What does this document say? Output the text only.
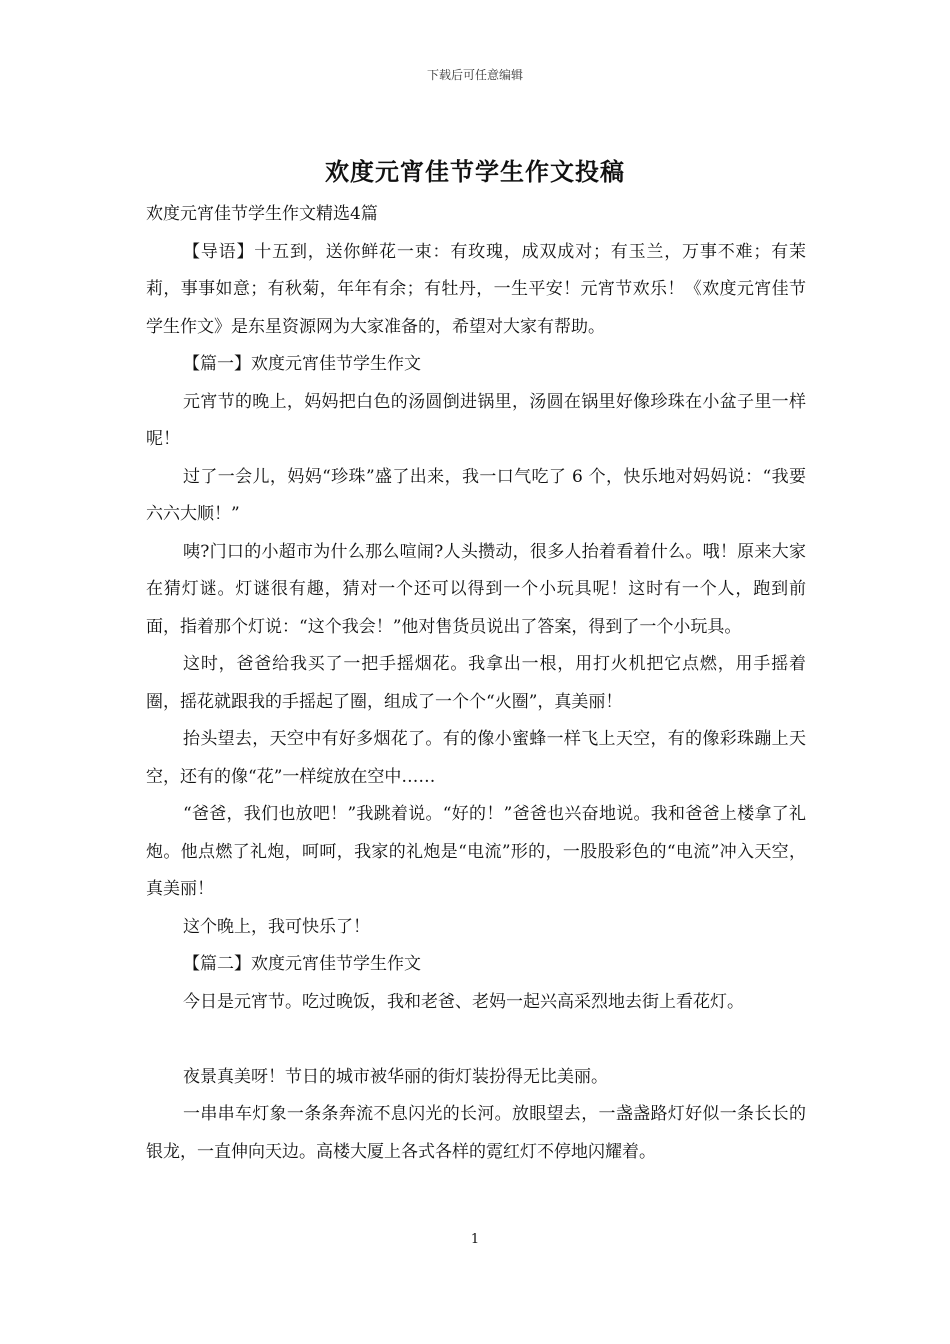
下载后可任意编辑
欢度元宵佳节学生作文投稿

欢度元宵佳节学生作文精选4篇

【导语】十五到，送你鲜花一束：有玫瑰，成双成对；有玉兰，万事不难；有茉莉，事事如意；有秋菊，年年有余；有牡丹，一生平安！元宵节欢乐！《欢度元宵佳节学生作文》是东星资源网为大家准备的，希望对大家有帮助。

【篇一】欢度元宵佳节学生作文

元宵节的晚上，妈妈把白色的汤圆倒进锅里，汤圆在锅里好像珍珠在小盆子里一样呢！

过了一会儿，妈妈“珍珠”盛了出来，我一口气吃了 6 个，快乐地对妈妈说：“我要六六大顺！”

咦?门口的小超市为什么那么喧闹?人头攒动，很多人抬着看着什么。哦！原来大家在猜灯谜。灯谜很有趣，猜对一个还可以得到一个小玩具呢！这时有一个人，跑到前面，指着那个灯说：“这个我会！”他对售货员说出了答案，得到了一个小玩具。

这时，爸爸给我买了一把手摇烟花。我拿出一根，用打火机把它点燃，用手摇着圈，摇花就跟我的手摇起了圈，组成了一个个“火圈”，真美丽！

抬头望去，天空中有好多烟花了。有的像小蜜蜂一样飞上天空，有的像彩珠蹦上天空，还有的像“花”一样绽放在空中……

“爸爸，我们也放吧！”我跳着说。“好的！”爸爸也兴奋地说。我和爸爸上楼拿了礼炮。他点燃了礼炮，呵呵，我家的礼炮是“电流”形的，一股股彩色的“电流”冲入天空，真美丽！

这个晚上，我可快乐了！

【篇二】欢度元宵佳节学生作文

今日是元宵节。吃过晚饭，我和老爸、老妈一起兴高采烈地去街上看花灯。

夜景真美呀！节日的城市被华丽的街灯装扮得无比美丽。

一串串车灯象一条条奔流不息闪光的长河。放眼望去，一盏盏路灯好似一条长长的银龙，一直伸向天边。高楼大厦上各式各样的霓红灯不停地闪耀着。

1
